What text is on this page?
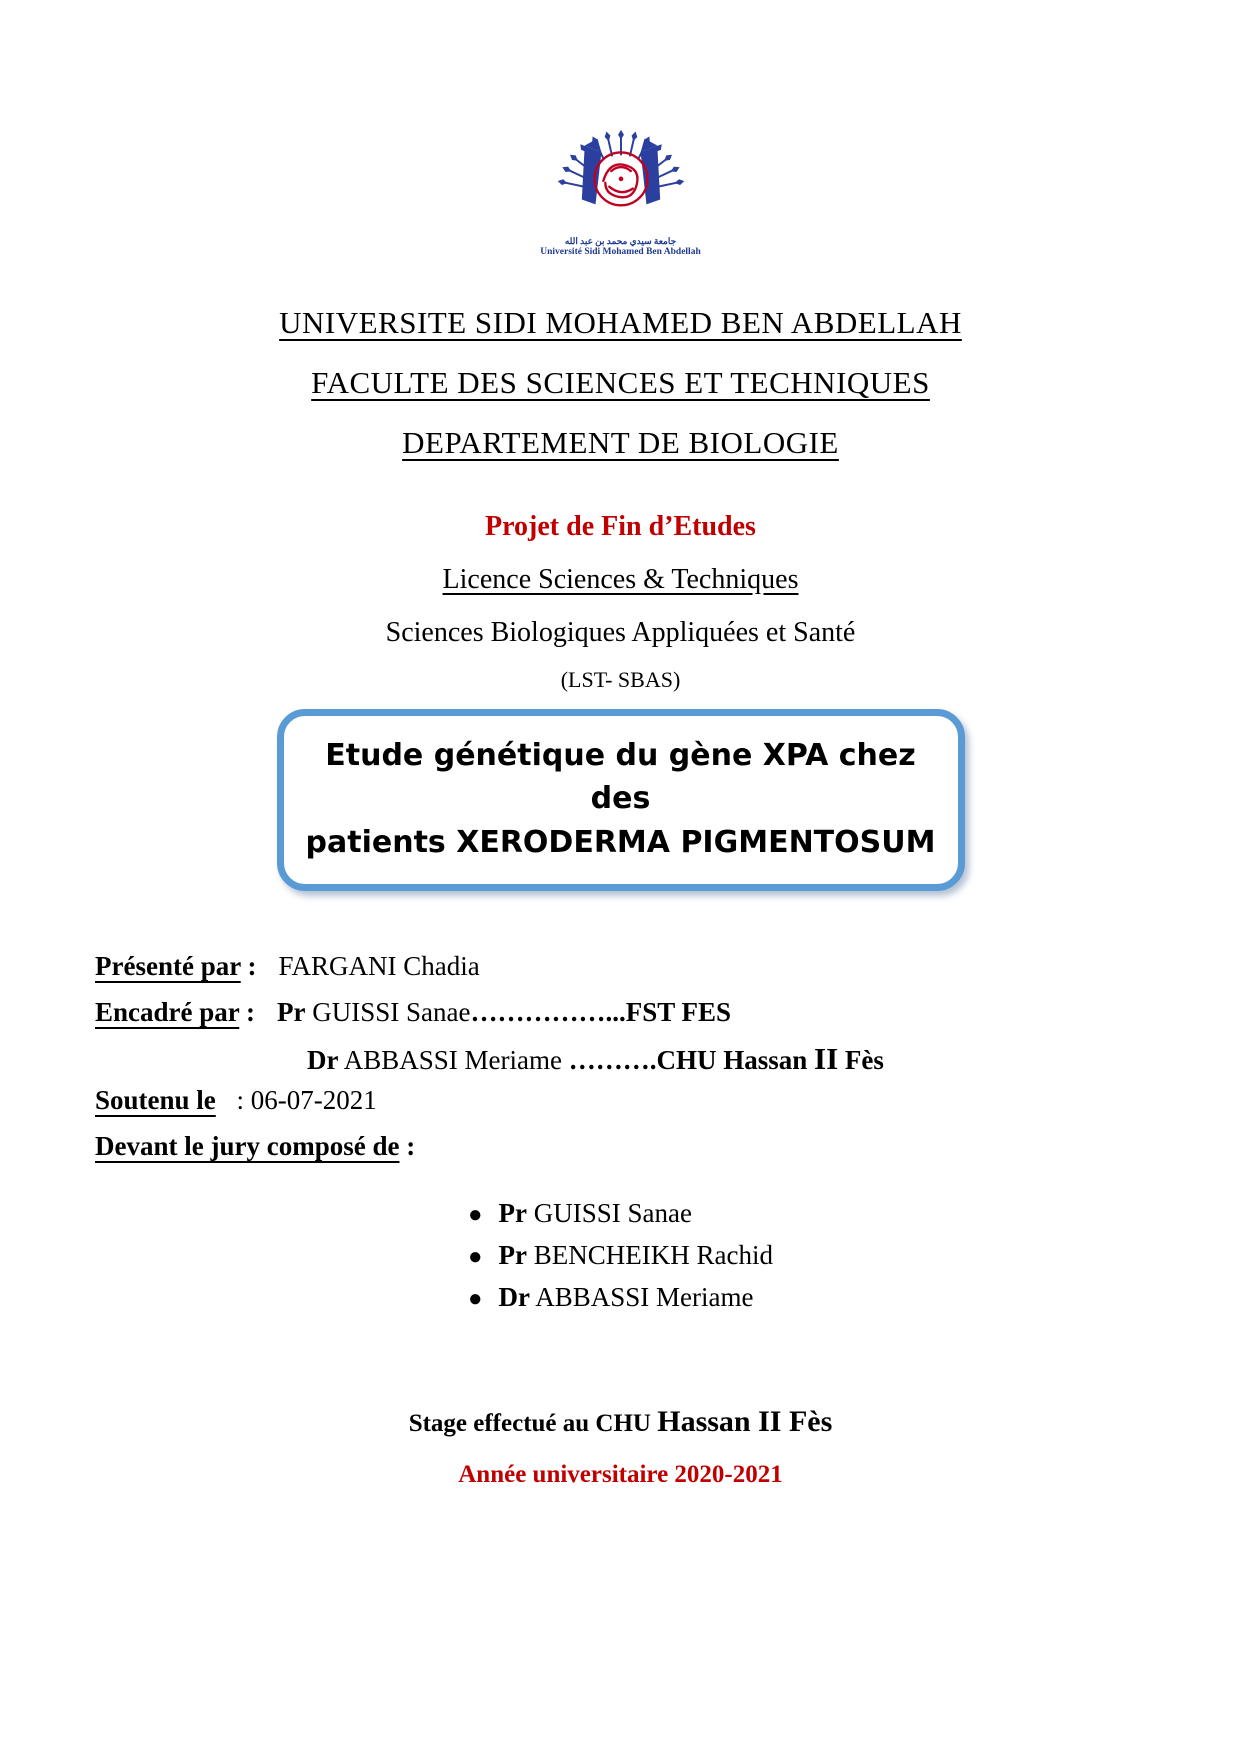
جامعة سيدي محمد بن عبد الله
Université Sidi Mohamed Ben Abdellah
UNIVERSITE SIDI MOHAMED BEN ABDELLAH
FACULTE DES SCIENCES ET TECHNIQUES
DEPARTEMENT DE BIOLOGIE
Projet de Fin d’Etudes
Licence Sciences & Techniques
Sciences Biologiques Appliquées et Santé
(LST- SBAS)
Etude génétique du gène XPA chez des
patients XERODERMA PIGMENTOSUM
Présenté par : FARGANI Chadia
Encadré par : Pr GUISSI Sanae……………...FST FES
Dr ABBASSI Meriame ……….CHU Hassan II Fès
Soutenu le : 06-07-2021
Devant le jury composé de :
● Pr GUISSI Sanae
● Pr BENCHEIKH Rachid
● Dr ABBASSI Meriame
Stage effectué au CHU Hassan II Fès
Année universitaire 2020-2021
